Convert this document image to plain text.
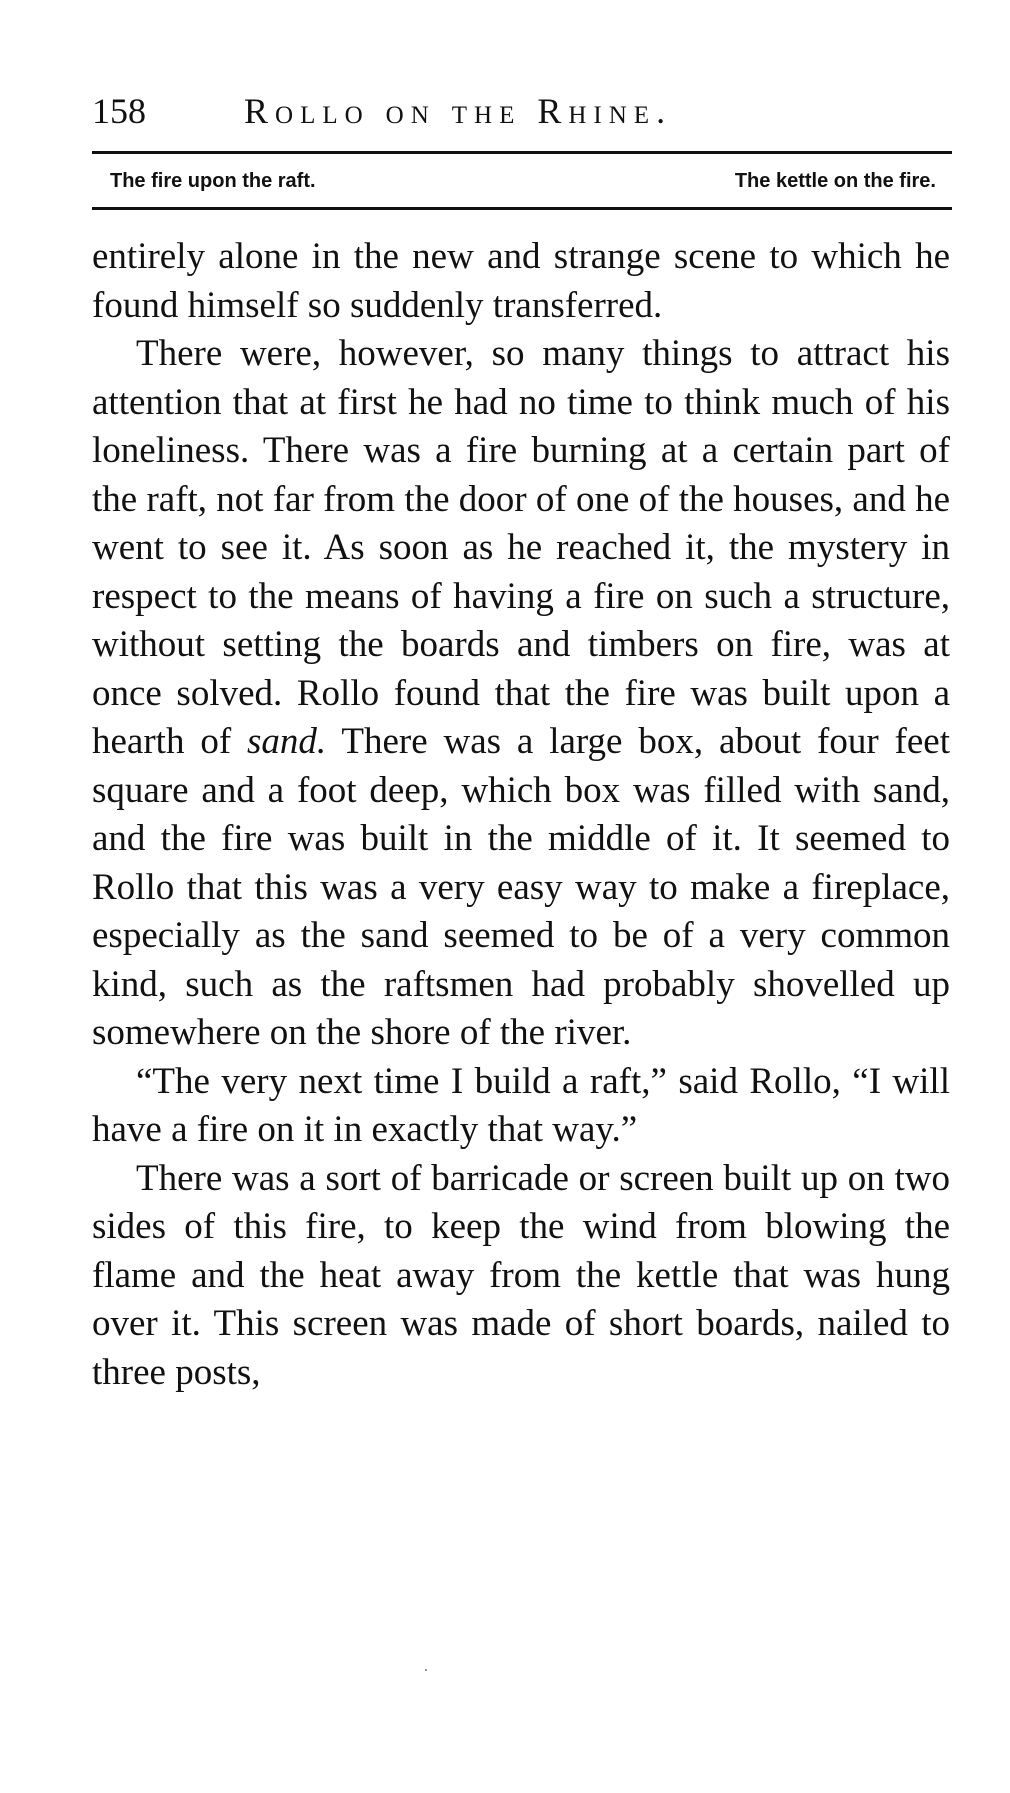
158	Rollo on the Rhine.
The fire upon the raft.	The kettle on the fire.

entirely alone in the new and strange scene to which he found himself so suddenly transferred.

There were, however, so many things to attract his attention that at first he had no time to think much of his loneliness. There was a fire burning at a certain part of the raft, not far from the door of one of the houses, and he went to see it. As soon as he reached it, the mystery in respect to the means of having a fire on such a structure, without setting the boards and timbers on fire, was at once solved. Rollo found that the fire was built upon a hearth of sand. There was a large box, about four feet square and a foot deep, which box was filled with sand, and the fire was built in the middle of it. It seemed to Rollo that this was a very easy way to make a fireplace, especially as the sand seemed to be of a very common kind, such as the raftsmen had probably shovelled up somewhere on the shore of the river.

“The very next time I build a raft,” said Rollo, “I will have a fire on it in exactly that way.”

There was a sort of barricade or screen built up on two sides of this fire, to keep the wind from blowing the flame and the heat away from the kettle that was hung over it. This screen was made of short boards, nailed to three posts,
